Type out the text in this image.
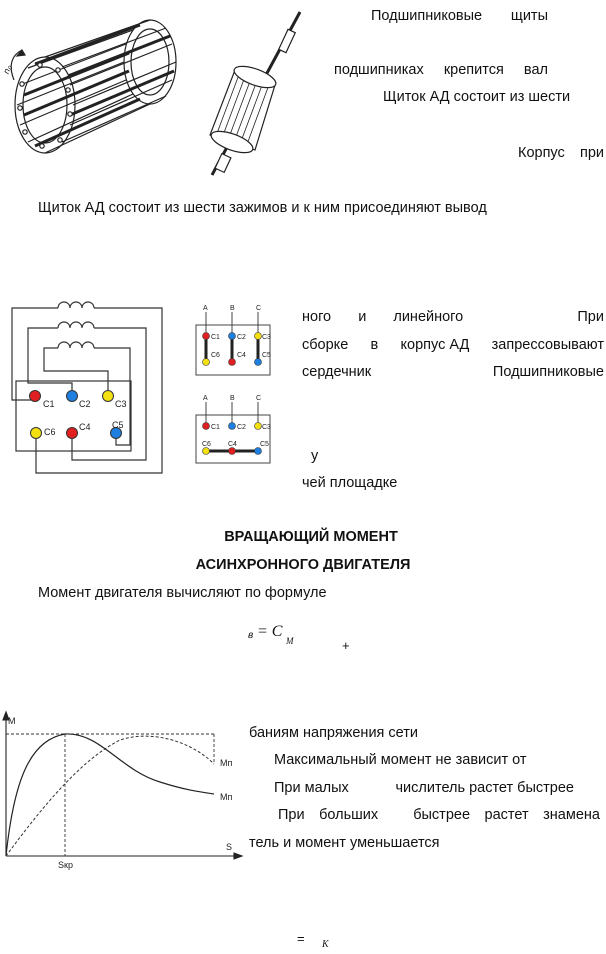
n₀
Подшипниковые щиты
подшипниках крепится вал
Щиток АД состоит из шести
Корпус при
Щиток АД состоит из шести зажимов и к ним присоединяют вывод
C1	C2	C3
C6	C4 C5
A	B	C
C1 C2 C3
C6 C4 C5
A	B	C
C1 C2 C3
C6 C4	C5
ного и линейного	При
сборке в корпус АД запрессовывают
сердечник	Подшипниковые
у
чей площадке
ВРАЩАЮЩИЙ МОМЕНТ
АСИНХРОННОГО ДВИГАТЕЛЯ
Момент двигателя вычисляют по формуле
в = C
M	+
M
S
Sкр
Mп
Mп
баниям напряжения сети
Максимальный момент не зависит от
При малых	числитель растет быстрее
При больших быстрее растет знамена
тель и момент уменьшается
= K
